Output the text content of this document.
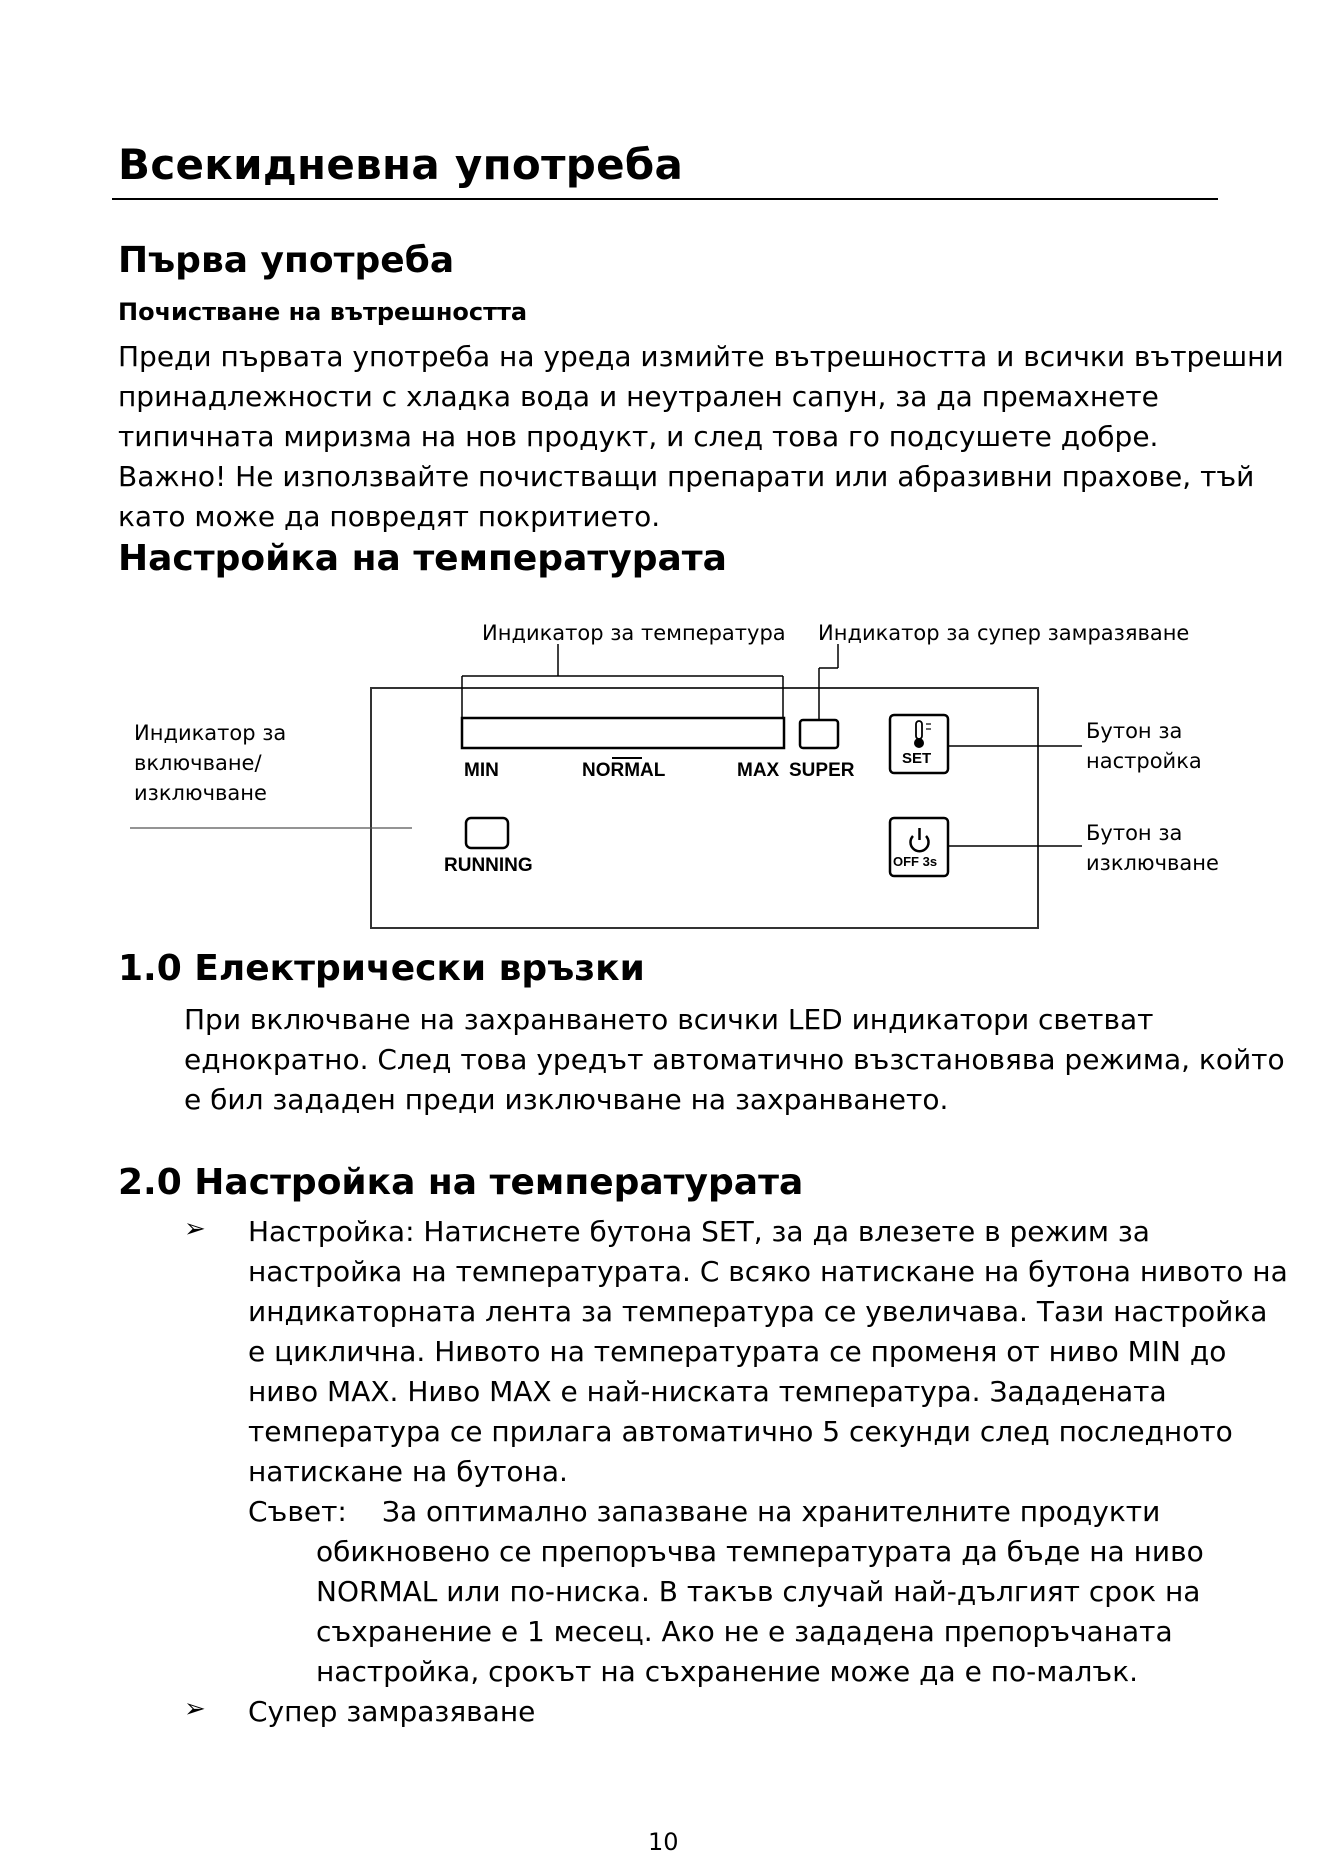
Всекидневна употреба
Първа употреба
Почистване на вътрешността
Преди първата употреба на уреда измийте вътрешността и всички вътрешни
принадлежности с хладка вода и неутрален сапун, за да премахнете
типичната миризма на нов продукт, и след това го подсушете добре.
Важно! Не използвайте почистващи препарати или абразивни прахове, тъй
като може да повредят покритието.
Настройка на температурата
Индикатор за температура Индикатор за супер замразяване
Индикатор за
включване/
изключване
Бутон за
настройка
Бутон за
изключване
MIN	NORMAL	MAX SUPER
SET
RUNNING	OFF 3s
1.0 Електрически връзки
При включване на захранването всички LED индикатори светват
еднократно. След това уредът автоматично възстановява режима, който
е бил зададен преди изключване на захранването.
2.0 Настройка на температурата
➢ Настройка: Натиснете бутона SET, за да влезете в режим за
настройка на температурата. С всяко натискане на бутона нивото на
индикаторната лента за температура се увеличава. Тази настройка
е циклична. Нивото на температурата се променя от ниво MIN до
ниво MAX. Ниво MAX е най-ниската температура. Зададената
температура се прилага автоматично 5 секунди след последното
натискане на бутона.
Съвет: За оптимално запазване на хранителните продукти
обикновено се препоръчва температурата да бъде на ниво
NORMAL или по-ниска. В такъв случай най-дългият срок на
съхранение е 1 месец. Ако не е зададена препоръчаната
настройка, срокът на съхранение може да е по-малък.
➢ Супер замразяване
10
